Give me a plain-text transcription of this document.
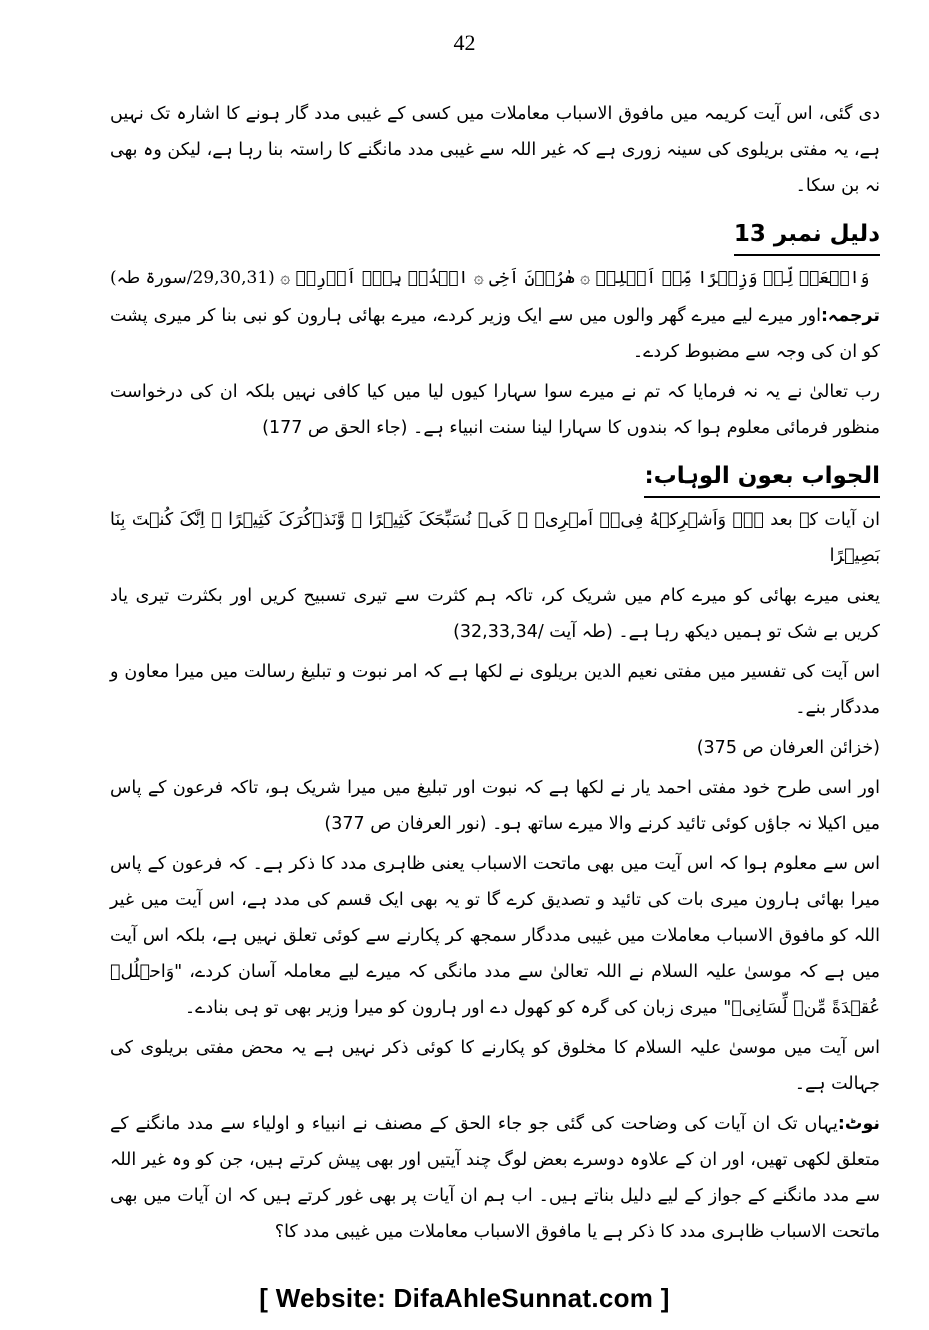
42

دی گئی، اس آیت کریمہ میں مافوق الاسباب معاملات میں کسی کے غیبی مدد گار ہونے کا اشارہ تک نہیں ہے، یہ مفتی بریلوی کی سینہ زوری ہے کہ غیر اللہ سے غیبی مدد مانگنے کا راستہ بنا رہا ہے، لیکن وہ بھی نہ بن سکا۔

دلیل نمبر 13

وَاجۡعَلۡ لِّیۡ وَزِیۡرًا مِّنۡ اَهۡلِیۡ ۞ هٰرُوۡنَ اَخِی ۞ اشۡدُدۡ بِهٖۤ اَزۡرِیۡ ۞ (29,30,31/سورۃ طہ)

ترجمہ:اور میرے لیے میرے گھر والوں میں سے ایک وزیر کردے، میرے بھائی ہارون کو نبی بنا کر میری پشت کو ان کی وجہ سے مضبوط کردے۔

رب تعالیٰ نے یہ نہ فرمایا کہ تم نے میرے سوا سہارا کیوں لیا میں کیا کافی نہیں بلکہ ان کی درخواست منظور فرمائی معلوم ہوا کہ بندوں کا سہارا لینا سنت انبیاء ہے۔ (جاء الحق ص 177)

الجواب بعون الوہاب:

ان آیات کے بعد ہے۔ وَاَشۡرِکۡهُ فِیۡۤ اَمۡرِیۡ ۞ کَیۡ نُسَبِّحَکَ کَثِیۡرًا ۞ وَّنَذۡکُرَکَ کَثِیۡرًا ۞ اِنَّکَ کُنۡتَ بِنَا بَصِیۡرًا

یعنی میرے بھائی کو میرے کام میں شریک کر، تاکہ ہم کثرت سے تیری تسبیح کریں اور بکثرت تیری یاد کریں بے شک تو ہمیں دیکھ رہا ہے۔ (طہ آیت /32,33,34)

اس آیت کی تفسیر میں مفتی نعیم الدین بریلوی نے لکھا ہے کہ امر نبوت و تبلیغ رسالت میں میرا معاون و مددگار بنے۔

(خزائن العرفان ص 375)

اور اسی طرح خود مفتی احمد یار نے لکھا ہے کہ نبوت اور تبلیغ میں میرا شریک ہو، تاکہ فرعون کے پاس میں اکیلا نہ جاؤں کوئی تائید کرنے والا میرے ساتھ ہو۔ (نور العرفان ص 377)

اس سے معلوم ہوا کہ اس آیت میں بھی ماتحت الاسباب یعنی ظاہری مدد کا ذکر ہے۔ کہ فرعون کے پاس میرا بھائی ہارون میری بات کی تائید و تصدیق کرے گا تو یہ بھی ایک قسم کی مدد ہے، اس آیت میں غیر اللہ کو مافوق الاسباب معاملات میں غیبی مددگار سمجھ کر پکارنے سے کوئی تعلق نہیں ہے، بلکہ اس آیت میں ہے کہ موسیٰ علیہ السلام نے اللہ تعالیٰ سے مدد مانگی کہ میرے لیے معاملہ آسان کردے، "وَاحۡلُلۡ عُقۡدَةً مِّنۡ لِّسَانِیۡ" میری زبان کی گرہ کو کھول دے اور ہارون کو میرا وزیر بھی تو ہی بنادے۔

اس آیت میں موسیٰ علیہ السلام کا مخلوق کو پکارنے کا کوئی ذکر نہیں ہے یہ محض مفتی بریلوی کی جہالت ہے۔

نوٹ:یہاں تک ان آیات کی وضاحت کی گئی جو جاء الحق کے مصنف نے انبیاء و اولیاء سے مدد مانگنے کے متعلق لکھی تھیں، اور ان کے علاوہ دوسرے بعض لوگ چند آیتیں اور بھی پیش کرتے ہیں، جن کو وہ غیر اللہ سے مدد مانگنے کے جواز کے لیے دلیل بناتے ہیں۔ اب ہم ان آیات پر بھی غور کرتے ہیں کہ ان آیات میں بھی ماتحت الاسباب ظاہری مدد کا ذکر ہے یا مافوق الاسباب معاملات میں غیبی مدد کا؟

[ Website: DifaAhleSunnat.com ]
